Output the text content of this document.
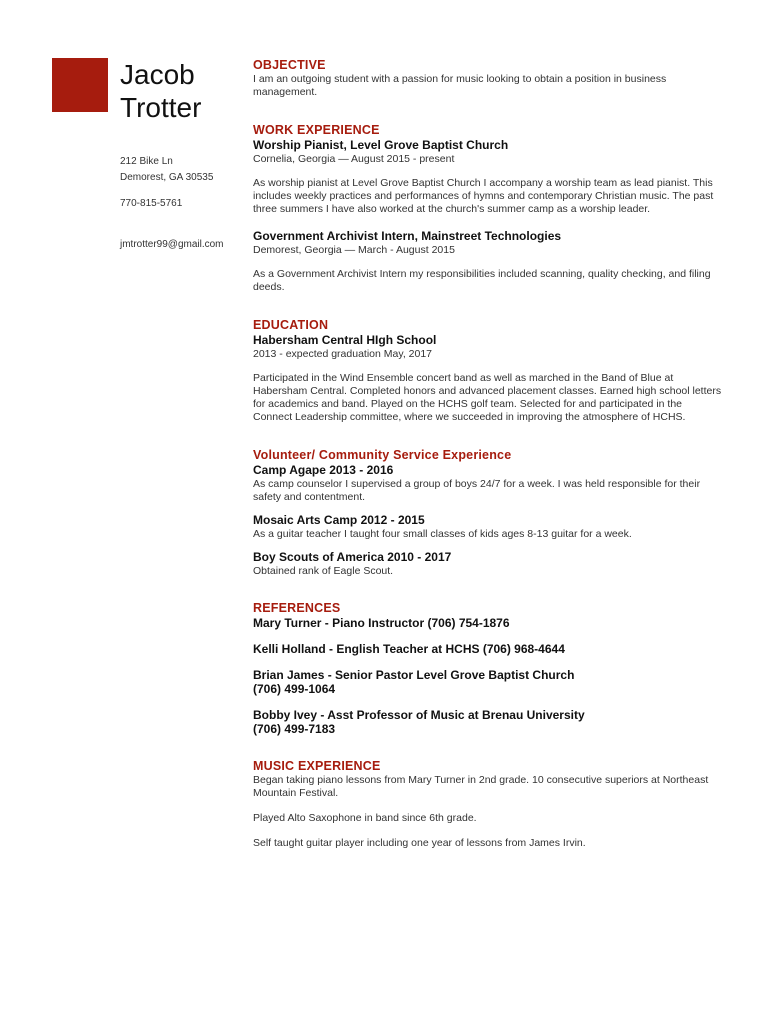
Jacob
Trotter
212 Bike Ln
Demorest, GA 30535
770-815-5761
jmtrotter99@gmail.com
OBJECTIVE
I am an outgoing student with a passion for music looking to obtain a position in business management.
WORK EXPERIENCE
Worship Pianist, Level Grove Baptist Church
Cornelia, Georgia — August 2015 - present
As worship pianist at Level Grove Baptist Church I accompany a worship team as lead pianist. This includes weekly practices and performances of hymns and contemporary Christian music. The past three summers I have also worked at the church's summer camp as a worship leader.
Government Archivist Intern, Mainstreet Technologies
Demorest, Georgia — March - August 2015
As a Government Archivist Intern my responsibilities included scanning, quality checking, and filing deeds.
EDUCATION
Habersham Central HIgh School
2013 - expected graduation May, 2017
Participated in the Wind Ensemble concert band as well as marched in the Band of Blue at Habersham Central. Completed honors and advanced placement classes. Earned high school letters for academics and band. Played on the HCHS golf team. Selected for and participated in the Connect Leadership committee, where we succeeded in improving the atmosphere of HCHS.
Volunteer/ Community Service Experience
Camp Agape 2013 - 2016
As camp counselor I supervised a group of boys 24/7 for a week. I was held responsible for their safety and contentment.
Mosaic Arts Camp 2012 - 2015
As a guitar teacher I taught four small classes of kids ages 8-13 guitar for a week.
Boy Scouts of America 2010 - 2017
Obtained rank of Eagle Scout.
REFERENCES
Mary Turner - Piano Instructor (706) 754-1876
Kelli Holland - English Teacher at HCHS (706) 968-4644
Brian James - Senior Pastor Level Grove Baptist Church (706) 499-1064
Bobby Ivey - Asst Professor of Music at Brenau University (706) 499-7183
MUSIC EXPERIENCE
Began taking piano lessons from Mary Turner in 2nd grade. 10 consecutive superiors at Northeast Mountain Festival.
Played Alto Saxophone in band since 6th grade.
Self taught guitar player including one year of lessons from James Irvin.
